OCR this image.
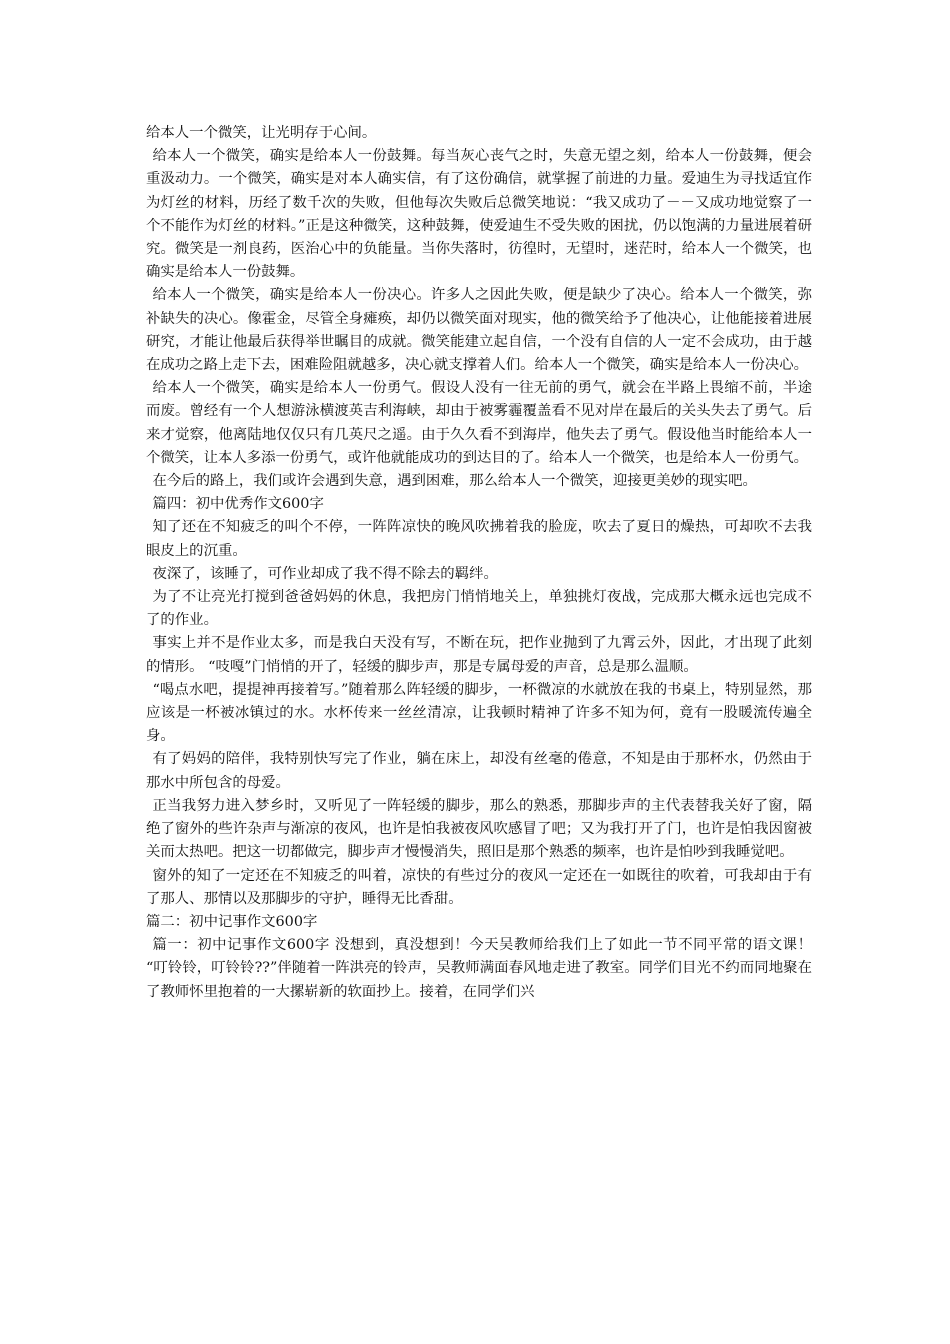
给本人一个微笑，让光明存于心间。

给本人一个微笑，确实是给本人一份鼓舞。每当灰心丧气之时，失意无望之刻，给本人一份鼓舞，便会重汲动力。一个微笑，确实是对本人确实信，有了这份确信，就掌握了前进的力量。爱迪生为寻找适宜作为灯丝的材料，历经了数千次的失败，但他每次失败后总微笑地说：“我又成功了－－又成功地觉察了一个不能作为灯丝的材料。”正是这种微笑，这种鼓舞，使爱迪生不受失败的困扰，仍以饱满的力量进展着研究。微笑是一剂良药，医治心中的负能量。当你失落时，彷徨时，无望时，迷茫时，给本人一个微笑，也确实是给本人一份鼓舞。

给本人一个微笑，确实是给本人一份决心。许多人之因此失败，便是缺少了决心。给本人一个微笑，弥补缺失的决心。像霍金，尽管全身瘫痪，却仍以微笑面对现实，他的微笑给予了他决心，让他能接着进展研究，才能让他最后获得举世瞩目的成就。微笑能建立起自信，一个没有自信的人一定不会成功，由于越在成功之路上走下去，困难险阻就越多，决心就支撑着人们。给本人一个微笑，确实是给本人一份决心。

给本人一个微笑，确实是给本人一份勇气。假设人没有一往无前的勇气，就会在半路上畏缩不前，半途而废。曾经有一个人想游泳横渡英吉利海峡，却由于被雾霾覆盖看不见对岸在最后的关头失去了勇气。后来才觉察，他离陆地仅仅只有几英尺之遥。由于久久看不到海岸，他失去了勇气。假设他当时能给本人一个微笑，让本人多添一份勇气，或许他就能成功的到达目的了。给本人一个微笑，也是给本人一份勇气。

在今后的路上，我们或许会遇到失意，遇到困难，那么给本人一个微笑，迎接更美妙的现实吧。

篇四：初中优秀作文600字

知了还在不知疲乏的叫个不停，一阵阵凉快的晚风吹拂着我的脸庞，吹去了夏日的燥热，可却吹不去我眼皮上的沉重。

夜深了，该睡了，可作业却成了我不得不除去的羁绊。

为了不让亮光打搅到爸爸妈妈的休息，我把房门悄悄地关上，单独挑灯夜战，完成那大概永远也完成不了的作业。

事实上并不是作业太多，而是我白天没有写，不断在玩，把作业抛到了九霄云外，因此，才出现了此刻的情形。 “吱嘎”门悄悄的开了，轻缓的脚步声，那是专属母爱的声音，总是那么温顺。

“喝点水吧，提提神再接着写。”随着那么阵轻缓的脚步，一杯微凉的水就放在我的书桌上，特别显然，那应该是一杯被冰镇过的水。水杯传来一丝丝清凉，让我顿时精神了许多不知为何，竟有一股暖流传遍全身。

有了妈妈的陪伴，我特别快写完了作业，躺在床上，却没有丝毫的倦意，不知是由于那杯水，仍然由于那水中所包含的母爱。

正当我努力进入梦乡时，又听见了一阵轻缓的脚步，那么的熟悉，那脚步声的主代表替我关好了窗，隔绝了窗外的些许杂声与渐凉的夜风，也许是怕我被夜风吹感冒了吧；又为我打开了门，也许是怕我因窗被关而太热吧。把这一切都做完，脚步声才慢慢消失，照旧是那个熟悉的频率，也许是怕吵到我睡觉吧。

窗外的知了一定还在不知疲乏的叫着，凉快的有些过分的夜风一定还在一如既往的吹着，可我却由于有了那人、那情以及那脚步的守护，睡得无比香甜。

篇二：初中记事作文600字

篇一：初中记事作文600字 没想到，真没想到！今天吴教师给我们上了如此一节不同平常的语文课！ “叮铃铃，叮铃铃??”伴随着一阵洪亮的铃声，吴教师满面春风地走进了教室。同学们目光不约而同地聚在了教师怀里抱着的一大摞崭新的软面抄上。接着，在同学们兴
